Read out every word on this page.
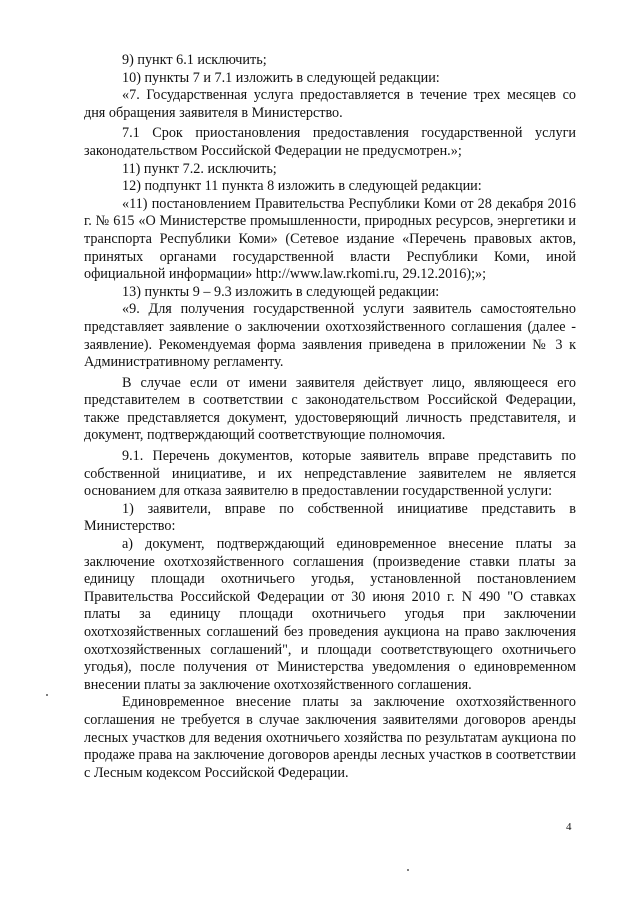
9) пункт 6.1 исключить;

10) пункты 7 и 7.1 изложить в следующей редакции:

«7. Государственная услуга предоставляется в течение трех месяцев со дня обращения заявителя в Министерство.

7.1 Срок приостановления предоставления государственной услуги законодательством Российской Федерации не предусмотрен.»;

11) пункт 7.2. исключить;

12) подпункт 11 пункта 8 изложить в следующей редакции:

«11) постановлением Правительства Республики Коми от 28 декабря 2016 г. № 615 «О Министерстве промышленности, природных ресурсов, энергетики и транспорта Республики Коми» (Сетевое издание «Перечень правовых актов, принятых органами государственной власти Республики Коми, иной официальной информации» http://www.law.rkomi.ru, 29.12.2016);»;

13) пункты 9 – 9.3 изложить в следующей редакции:

«9. Для получения государственной услуги заявитель самостоятельно представляет заявление о заключении охотхозяйственного соглашения (далее - заявление). Рекомендуемая форма заявления приведена в приложении № 3 к Административному регламенту.

В случае если от имени заявителя действует лицо, являющееся его представителем в соответствии с законодательством Российской Федерации, также представляется документ, удостоверяющий личность представителя, и документ, подтверждающий соответствующие полномочия.

9.1. Перечень документов, которые заявитель вправе представить по собственной инициативе, и их непредставление заявителем не является основанием для отказа заявителю в предоставлении государственной услуги:

1) заявители, вправе по собственной инициативе представить в Министерство:

а) документ, подтверждающий единовременное внесение платы за заключение охотхозяйственного соглашения (произведение ставки платы за единицу площади охотничьего угодья, установленной постановлением Правительства Российской Федерации от 30 июня 2010 г. N 490 "О ставках платы за единицу площади охотничьего угодья при заключении охотхозяйственных соглашений без проведения аукциона на право заключения охотхозяйственных соглашений", и площади соответствующего охотничьего угодья), после получения от Министерства уведомления о единовременном внесении платы за заключение охотхозяйственного соглашения.

Единовременное внесение платы за заключение охотхозяйственного соглашения не требуется в случае заключения заявителями договоров аренды лесных участков для ведения охотничьего хозяйства по результатам аукциона по продаже права на заключение договоров аренды лесных участков в соответствии с Лесным кодексом Российской Федерации.

4
